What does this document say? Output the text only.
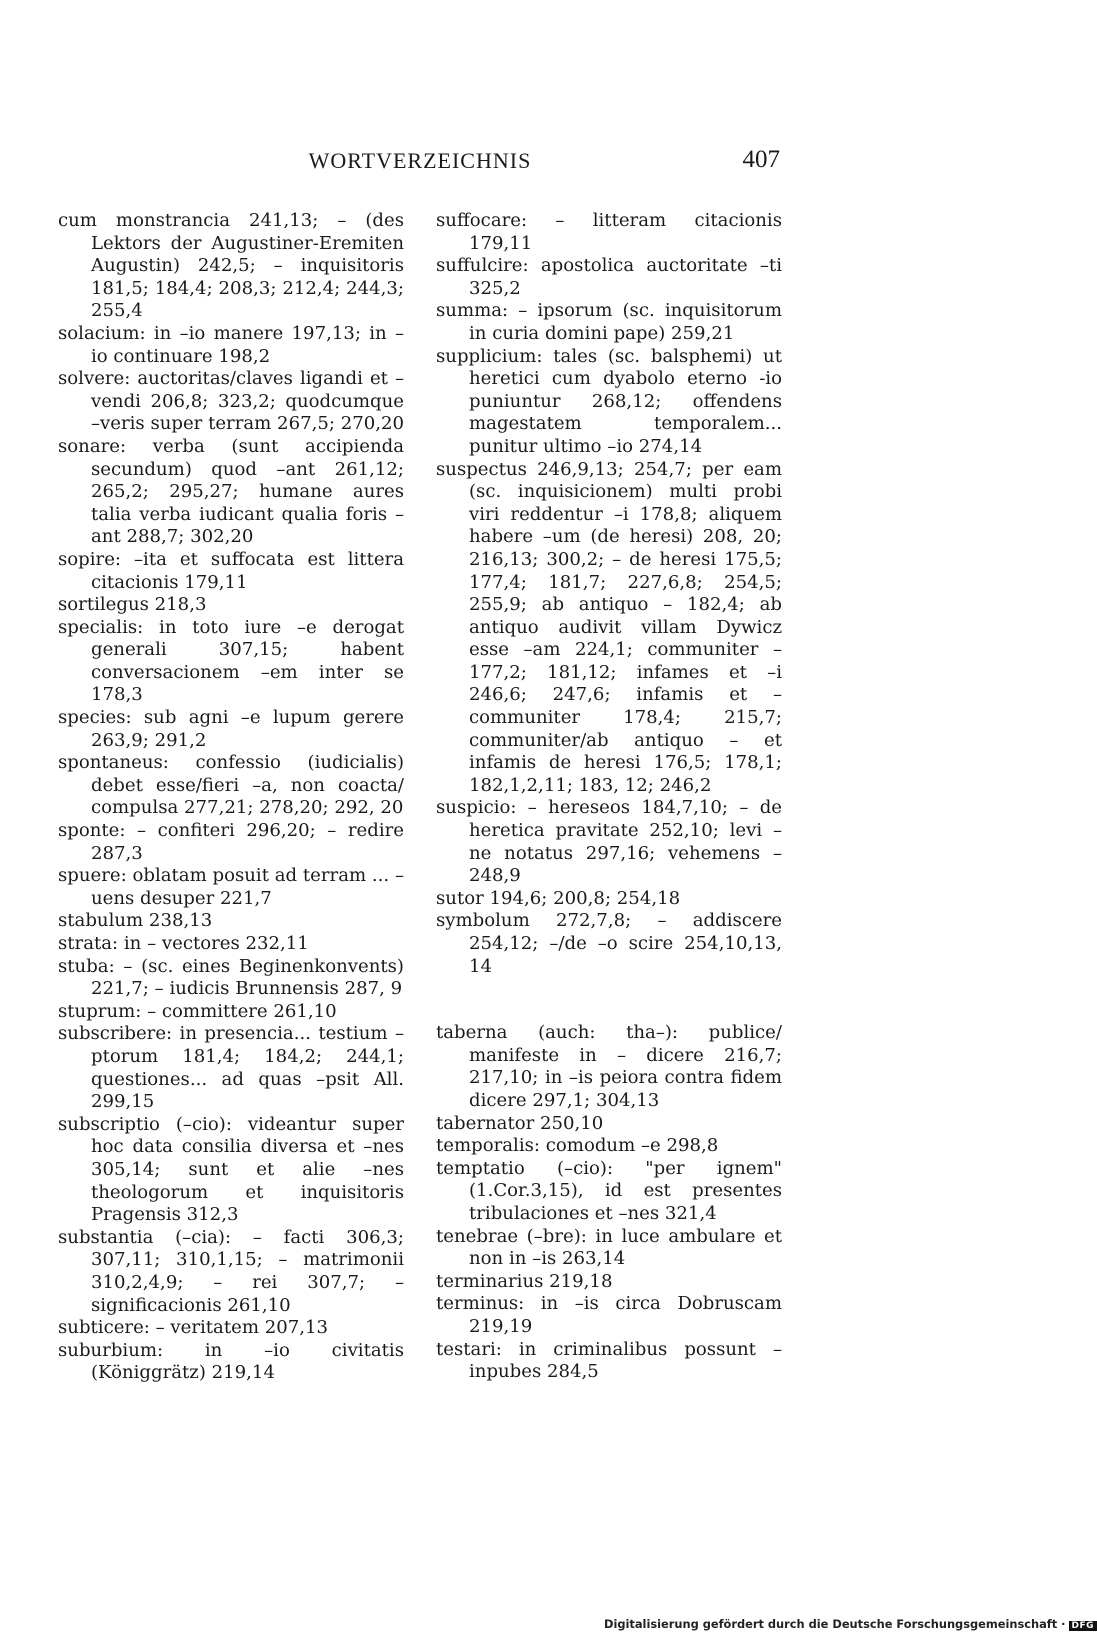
WORTVERZEICHNIS	407
cum monstrancia 241,13; – (des Lektors der Augustiner-Eremiten Augustin) 242,5; – inquisitoris 181,5; 184,4; 208,3; 212,4; 244,3; 255,4
solacium: in –io manere 197,13; in –io continuare 198,2
solvere: auctoritas/claves ligandi et –vendi 206,8; 323,2; quodcumque –veris super terram 267,5; 270,20
sonare: verba (sunt accipienda secundum) quod –ant 261,12; 265,2; 295,27; humane aures talia verba iudicant qualia foris –ant 288,7; 302,20
sopire: –ita et suffocata est littera citacionis 179,11
sortilegus 218,3
specialis: in toto iure –e derogat generali 307,15; habent conversacionem –em inter se 178,3
species: sub agni –e lupum gerere 263,9; 291,2
spontaneus: confessio (iudicialis) debet esse/fieri –a, non coacta/ compulsa 277,21; 278,20; 292, 20
sponte: – confiteri 296,20; – redire 287,3
spuere: oblatam posuit ad terram ... –uens desuper 221,7
stabulum 238,13
strata: in – vectores 232,11
stuba: – (sc. eines Beginenkonvents) 221,7; – iudicis Brunnensis 287, 9
stuprum: – committere 261,10
subscribere: in presencia... testium –ptorum 181,4; 184,2; 244,1; questiones... ad quas –psit All. 299,15
subscriptio (–cio): videantur super hoc data consilia diversa et –nes 305,14; sunt et alie –nes theologorum et inquisitoris Pragensis 312,3
substantia (–cia): – facti 306,3; 307,11; 310,1,15; – matrimonii 310,2,4,9; – rei 307,7; – significacionis 261,10
subticere: – veritatem 207,13
suburbium: in –io civitatis (Königgrätz) 219,14
suffocare: – litteram citacionis 179,11
suffulcire: apostolica auctoritate –ti 325,2
summa: – ipsorum (sc. inquisitorum in curia domini pape) 259,21
supplicium: tales (sc. balsphemi) ut heretici cum dyabolo eterno -io puniuntur 268,12; offendens magestatem temporalem... punitur ultimo –io 274,14
suspectus 246,9,13; 254,7; per eam (sc. inquisicionem) multi probi viri reddentur –i 178,8; aliquem habere –um (de heresi) 208, 20; 216,13; 300,2; – de heresi 175,5; 177,4; 181,7; 227,6,8; 254,5; 255,9; ab antiquo – 182,4; ab antiquo audivit villam Dywicz esse –am 224,1; communiter – 177,2; 181,12; infames et –i 246,6; 247,6; infamis et – communiter 178,4; 215,7; communiter/ab antiquo – et infamis de heresi 176,5; 178,1; 182,1,2,11; 183, 12; 246,2
suspicio: – hereseos 184,7,10; – de heretica pravitate 252,10; levi –ne notatus 297,16; vehemens – 248,9
sutor 194,6; 200,8; 254,18
symbolum 272,7,8; – addiscere 254,12; –/de –o scire 254,10,13, 14
taberna (auch: tha–): publice/ manifeste in – dicere 216,7; 217,10; in –is peiora contra fidem dicere 297,1; 304,13
tabernator 250,10
temporalis: comodum –e 298,8
temptatio (–cio): "per ignem" (1.Cor.3,15), id est presentes tribulaciones et –nes 321,4
tenebrae (–bre): in luce ambulare et non in –is 263,14
terminarius 219,18
terminus: in –is circa Dobruscam 219,19
testari: in criminalibus possunt – inpubes 284,5
Digitalisierung gefördert durch die Deutsche Forschungsgemeinschaft · DFG
